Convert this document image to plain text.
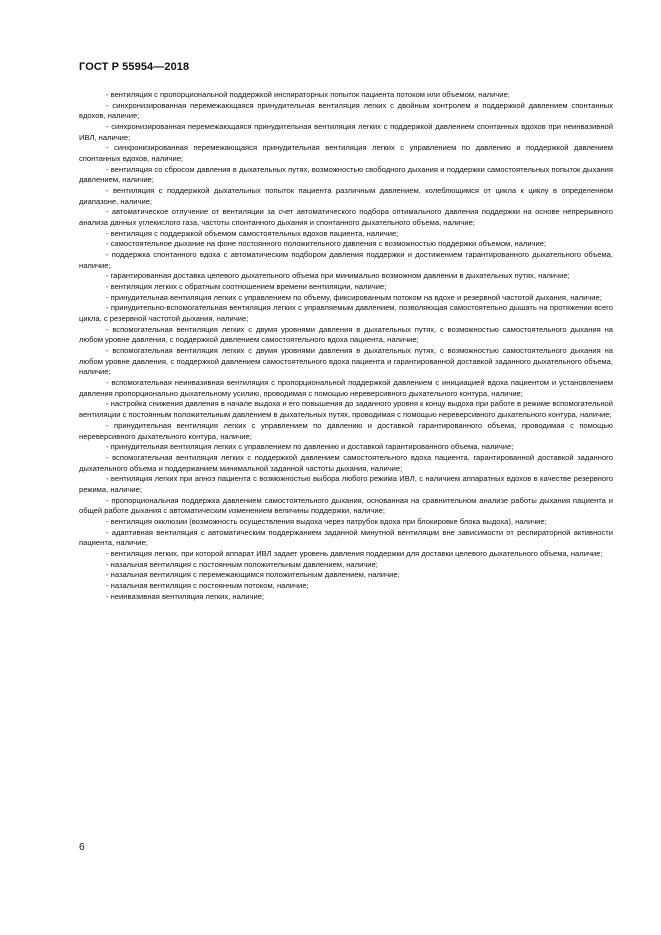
ГОСТ Р 55954—2018

- вентиляция с пропорциональной поддержкой инспираторных попыток пациента потоком или объемом, наличие;

- синхронизированная перемежающаяся принудительная вентиляция легких с двойным контролем и поддержкой давлением спонтанных вдохов, наличие;

- синхронизированная перемежающаяся принудительная вентиляция легких с поддержкой давлением спонтанных вдохов при неинвазивной ИВЛ, наличие;

- синхронизированная перемежающаяся принудительная вентиляция легких с управлением по давлению и поддержкой давлением спонтанных вдохов, наличие;

- вентиляция со сбросом давления в дыхательных путях, возможностью свободного дыхания и поддержки самостоятельных попыток дыхания давлением, наличие;

- вентиляция с поддержкой дыхательных попыток пациента различным давлением, колеблющимся от цикла к циклу в определенном диапазоне, наличие;

- автоматическое отлучение от вентиляции за счет автоматического подбора оптимального давления поддержки на основе непрерывного анализа данных углекислого газа, частоты спонтанного дыхания и спонтанного дыхательного объема, наличие;

- вентиляция с поддержкой объемом самостоятельных вдохов пациента, наличие;

- самостоятельное дыхание на фоне постоянного положительного давления с возможностью поддержки объемом, наличие;

- поддержка спонтанного вдоха с автоматическим подбором давления поддержки и достижением гарантированного дыхательного объема, наличие;

- гарантированная доставка целевого дыхательного объема при минимально возможном давлении в дыхательных путях, наличие;

- вентиляция легких с обратным соотношением времени вентиляции, наличие;

- принудительная вентиляция легких с управлением по объему, фиксированным потоком на вдохе и резервной частотой дыхания, наличие;

- принудительно-вспомогательная вентиляция легких с управляемым давлением, позволяющая самостоятельно дышать на протяжении всего цикла, с резервной частотой дыхания, наличие;

- вспомогательная вентиляция легких с двумя уровнями давления в дыхательных путях, с возможностью самостоятельного дыхания на любом уровне давления, с поддержкой давлением самостоятельного вдоха пациента, наличие;

- вспомогательная вентиляция легких с двумя уровнями давления в дыхательных путях, с возможностью самостоятельного дыхания на любом уровне давления, с поддержкой давлением самостоятельного вдоха пациента и гарантированной доставкой заданного дыхательного объема, наличие;

- вспомогательная неинвазивная вентиляция с пропорциональной поддержкой давлением с инициацией вдоха пациентом и установлением давления пропорционально дыхательному усилию, проводимая с помощью нереверсивного дыхательного контура, наличие;

- настройка снижения давления в начале выдоха и его повышения до заданного уровня к концу выдоха при работе в режиме вспомогательной вентиляции с постоянным положительным давлением в дыхательных путях, проводимая с помощью нереверсивного дыхательного контура, наличие;

- принудительная вентиляция легких с управлением по давлению и доставкой гарантированного объема, проводимая с помощью нереверсивного дыхательного контура, наличие;

- принудительная вентиляция легких с управлением по давлению и доставкой гарантированного объема, наличие;

- вспомогательная вентиляция легких с поддержкой давлением самостоятельного вдоха пациента, гарантированной доставкой заданного дыхательного объема и поддержанием минимальной заданной частоты дыхания, наличие;

- вентиляция легких при апноэ пациента с возможностью выбора любого режима ИВЛ, с наличием аппаратных вдохов в качестве резервного режима, наличие;

- пропорциональная поддержка давлением самостоятельного дыхания, основанная на сравнительном анализе работы дыхания пациента и общей работе дыхания с автоматическим изменением величины поддержки, наличие;

- вентиляция окклюзии (возможность осуществления выдоха через патрубок вдоха при блокировке блока выдоха), наличие;

- адаптивная вентиляция с автоматическим поддержанием заданной минутной вентиляции вне зависимости от респираторной активности пациента, наличие;

- вентиляция легких, при которой аппарат ИВЛ задает уровень давления поддержки для доставки целевого дыхательного объема, наличие;

- назальная вентиляция с постоянным положительным давлением, наличие;

- назальная вентиляция с перемежающимся положительным давлением, наличие;

- назальная вентиляция с постоянным потоком, наличие;

- неинвазивная вентиляция легких, наличие;

6
